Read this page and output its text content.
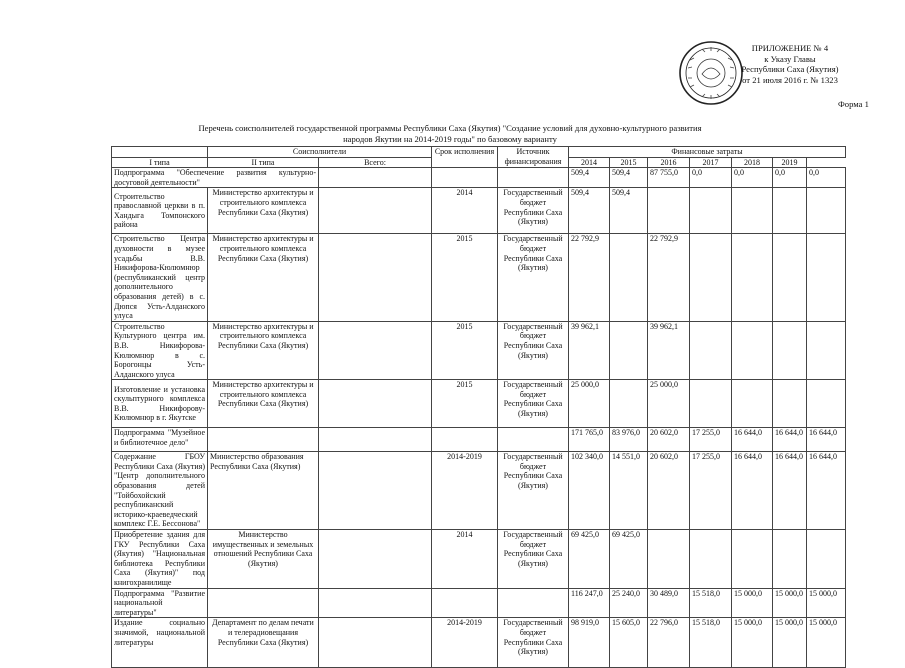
ПРИЛОЖЕНИЕ № 4
к Указу Главы
Республики Саха (Якутия)
от 21 июля 2016 г. № 1323
Форма 1
Перечень соисполнителей государственной программы Республики Саха (Якутия) "Создание условий для духовно-культурного развития
народов Якутии на 2014-2019 годы" по базовому варианту
	Соисполнители		Срок исполнения	Источник финансирования	Финансовые затраты						
I типа	II типа	Всего:			2014	2015	2016	2017	2018	2019	
Подпрограмма "Обеспечение развития культурно-досуговой деятельности"					509,4	509,4	87 755,0	0,0	0,0	0,0	0,0
Строительство православной церкви в п. Хандыга Томпонского района	Министерство архитектуры и строительного комплекса Республики Саха (Якутия)		2014	Государственный бюджет Республики Саха (Якутия)	509,4	509,4					
Строительство Центра духовности в музее усадьбы В.В. Никифорова-Кюлюмнюр (республиканский центр дополнительного образования детей) в с. Дюпся Усть-Алданского улуса	Министерство архитектуры и строительного комплекса Республики Саха (Якутия)		2015	Государственный бюджет Республики Саха (Якутия)	22 792,9		22 792,9				
Строительство Культурного центра им. В.В. Никифорова-Кюлюмнюр в с. Борогонцы Усть-Алданского улуса	Министерство архитектуры и строительного комплекса Республики Саха (Якутия)		2015	Государственный бюджет Республики Саха (Якутия)	39 962,1		39 962,1				
Изготовление и установка скульптурного комплекса В.В. Никифорову-Кюлюмнюр в г. Якутске	Министерство архитектуры и строительного комплекса Республики Саха (Якутия)		2015	Государственный бюджет Республики Саха (Якутия)	25 000,0		25 000,0				
Подпрограмма "Музейное и библиотечное дело"					171 765,0	83 976,0	20 602,0	17 255,0	16 644,0	16 644,0	16 644,0
Содержание ГБОУ Республики Саха (Якутия) "Центр дополнительного образования детей "Тойбохойский республиканский историко-краеведческий комплекс Г.Е. Бессонова"	Министерство образования Республики Саха (Якутия)		2014-2019	Государственный бюджет Республики Саха (Якутия)	102 340,0	14 551,0	20 602,0	17 255,0	16 644,0	16 644,0	16 644,0
Приобретение здания для ГКУ Республики Саха (Якутия) "Национальная библиотека Республики Саха (Якутия)" под книгохранилище	Министерство имущественных и земельных отношений Республики Саха (Якутия)		2014	Государственный бюджет Республики Саха (Якутия)	69 425,0	69 425,0					
Подпрограмма "Развитие национальной литературы"					116 247,0	25 240,0	30 489,0	15 518,0	15 000,0	15 000,0	15 000,0
Издание социально значимой, национальной литературы	Департамент по делам печати и телерадиовещания Республики Саха (Якутия)		2014-2019	Государственный бюджет Республики Саха (Якутия)	98 919,0	15 605,0	22 796,0	15 518,0	15 000,0	15 000,0	15 000,0
